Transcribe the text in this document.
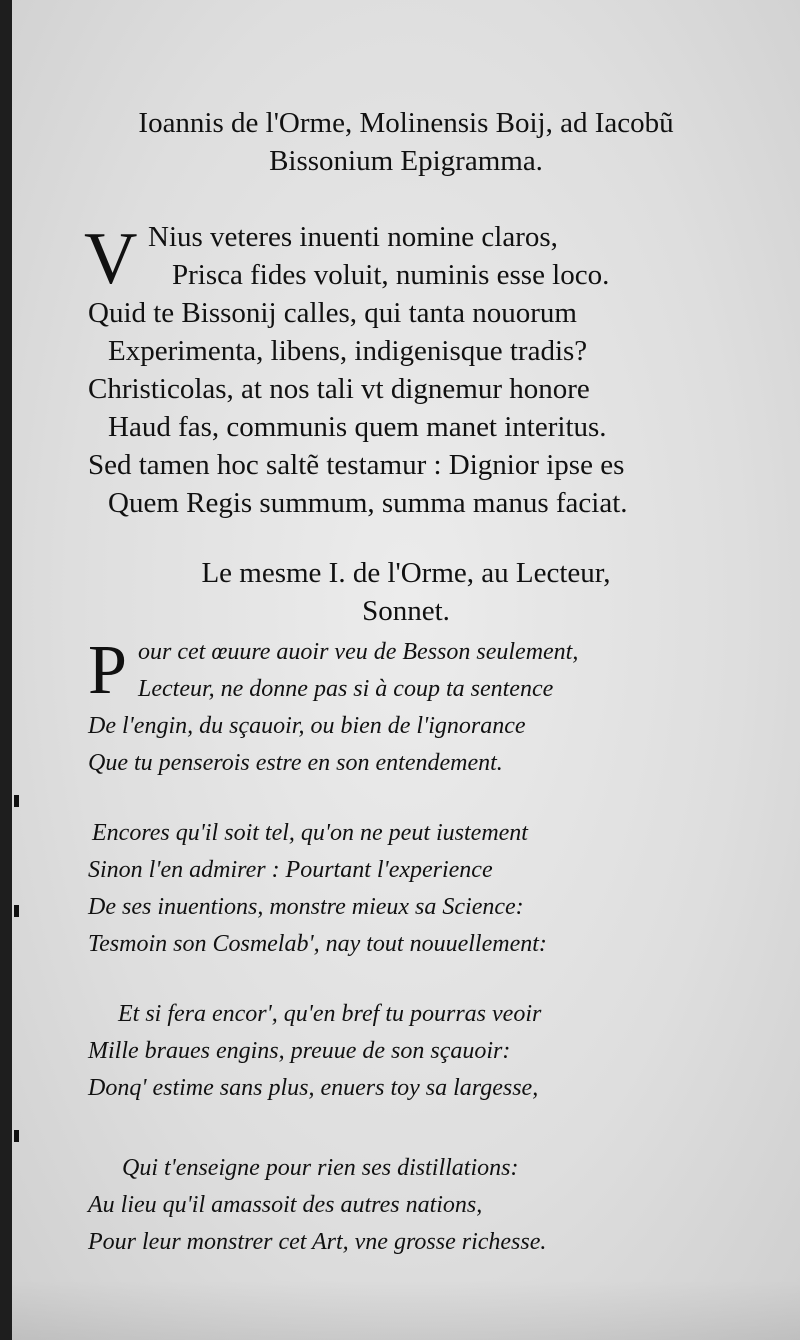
Ioannis de l'Orme, Molinensis Boij, ad Iacobũ
Bissonium Epigramma.
V Nius veteres inuenti nomine claros,
Prisca fides voluit, numinis esse loco.
Quid te Bissonij calles, qui tanta nouorum
Experimenta, libens, indigenisque tradis?
Christicolas, at nos tali vt dignemur honore
Haud fas, communis quem manet interitus.
Sed tamen hoc saltẽ testamur : Dignior ipse es
Quem Regis summum, summa manus faciat.
Le mesme I. de l'Orme, au Lecteur,
Sonnet.
P our cet œuure auoir veu de Besson seulement,
Lecteur, ne donne pas si à coup ta sentence
De l'engin, du sçauoir, ou bien de l'ignorance
Que tu penserois estre en son entendement.
Encores qu'il soit tel, qu'on ne peut iustement
Sinon l'en admirer : Pourtant l'experience
De ses inuentions, monstre mieux sa Science:
Tesmoin son Cosmelab', nay tout nouuellement:
Et si fera encor', qu'en bref tu pourras veoir
Mille braues engins, preuue de son sçauoir:
Donq' estime sans plus, enuers toy sa largesse,
Qui t'enseigne pour rien ses distillations:
Au lieu qu'il amassoit des autres nations,
Pour leur monstrer cet Art, vne grosse richesse.
